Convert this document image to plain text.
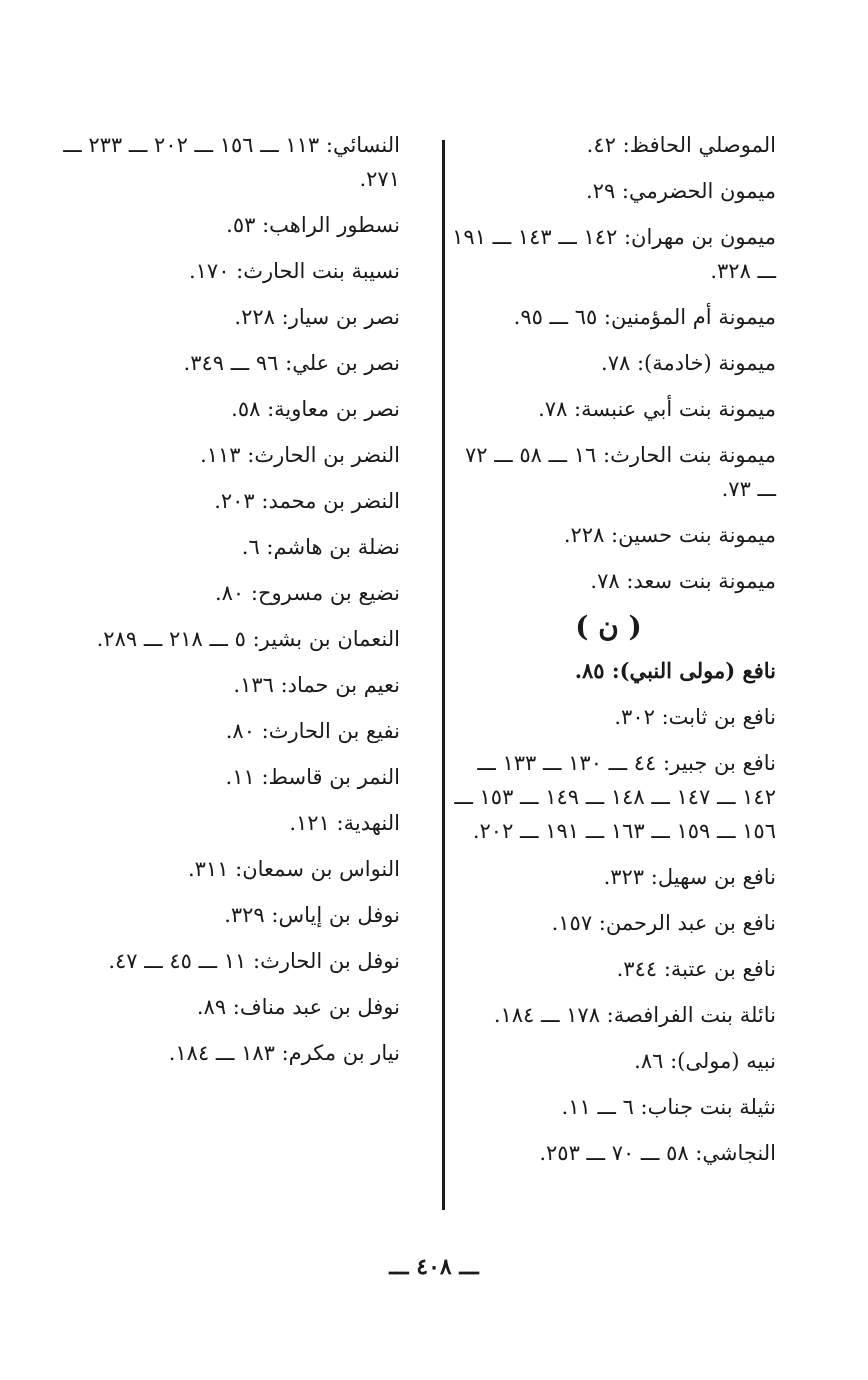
الموصلي الحافظ: ٤٢.
ميمون الحضرمي: ٢٩.
ميمون بن مهران: ١٤٢ ـــ ١٤٣ ـــ ١٩١ ـــ ٣٢٨.
ميمونة أم المؤمنين: ٦٥ ـــ ٩٥.
ميمونة (خادمة): ٧٨.
ميمونة بنت أبي عنبسة: ٧٨.
ميمونة بنت الحارث: ١٦ ـــ ٥٨ ـــ ٧٢ ـــ ٧٣.
ميمونة بنت حسين: ٢٢٨.
ميمونة بنت سعد: ٧٨.
( ن )
نافع (مولى النبي): ٨٥.
نافع بن ثابت: ٣٠٢.
نافع بن جبير: ٤٤ ـــ ١٣٠ ـــ ١٣٣ ـــ ١٤٢ ـــ ١٤٧ ـــ ١٤٨ ـــ ١٤٩ ـــ ١٥٣ ـــ ١٥٦ ـــ ١٥٩ ـــ ١٦٣ ـــ ١٩١ ـــ ٢٠٢.
نافع بن سهيل: ٣٢٣.
نافع بن عبد الرحمن: ١٥٧.
نافع بن عتبة: ٣٤٤.
نائلة بنت الفرافصة: ١٧٨ ـــ ١٨٤.
نبيه (مولى): ٨٦.
نثيلة بنت جناب: ٦ ـــ ١١.
النجاشي: ٥٨ ـــ ٧٠ ـــ ٢٥٣.
النسائي: ١١٣ ـــ ١٥٦ ـــ ٢٠٢ ـــ ٢٣٣ ـــ ٢٧١.
نسطور الراهب: ٥٣.
نسيبة بنت الحارث: ١٧٠.
نصر بن سيار: ٢٢٨.
نصر بن علي: ٩٦ ـــ ٣٤٩.
نصر بن معاوية: ٥٨.
النضر بن الحارث: ١١٣.
النضر بن محمد: ٢٠٣.
نضلة بن هاشم: ٦.
نضيع بن مسروح: ٨٠.
النعمان بن بشير: ٥ ـــ ٢١٨ ـــ ٢٨٩.
نعيم بن حماد: ١٣٦.
نفيع بن الحارث: ٨٠.
النمر بن قاسط: ١١.
النهدية: ١٢١.
النواس بن سمعان: ٣١١.
نوفل بن إياس: ٣٢٩.
نوفل بن الحارث: ١١ ـــ ٤٥ ـــ ٤٧.
نوفل بن عبد مناف: ٨٩.
نيار بن مكرم: ١٨٣ ـــ ١٨٤.
ـــ ٤٠٨ ـــ
